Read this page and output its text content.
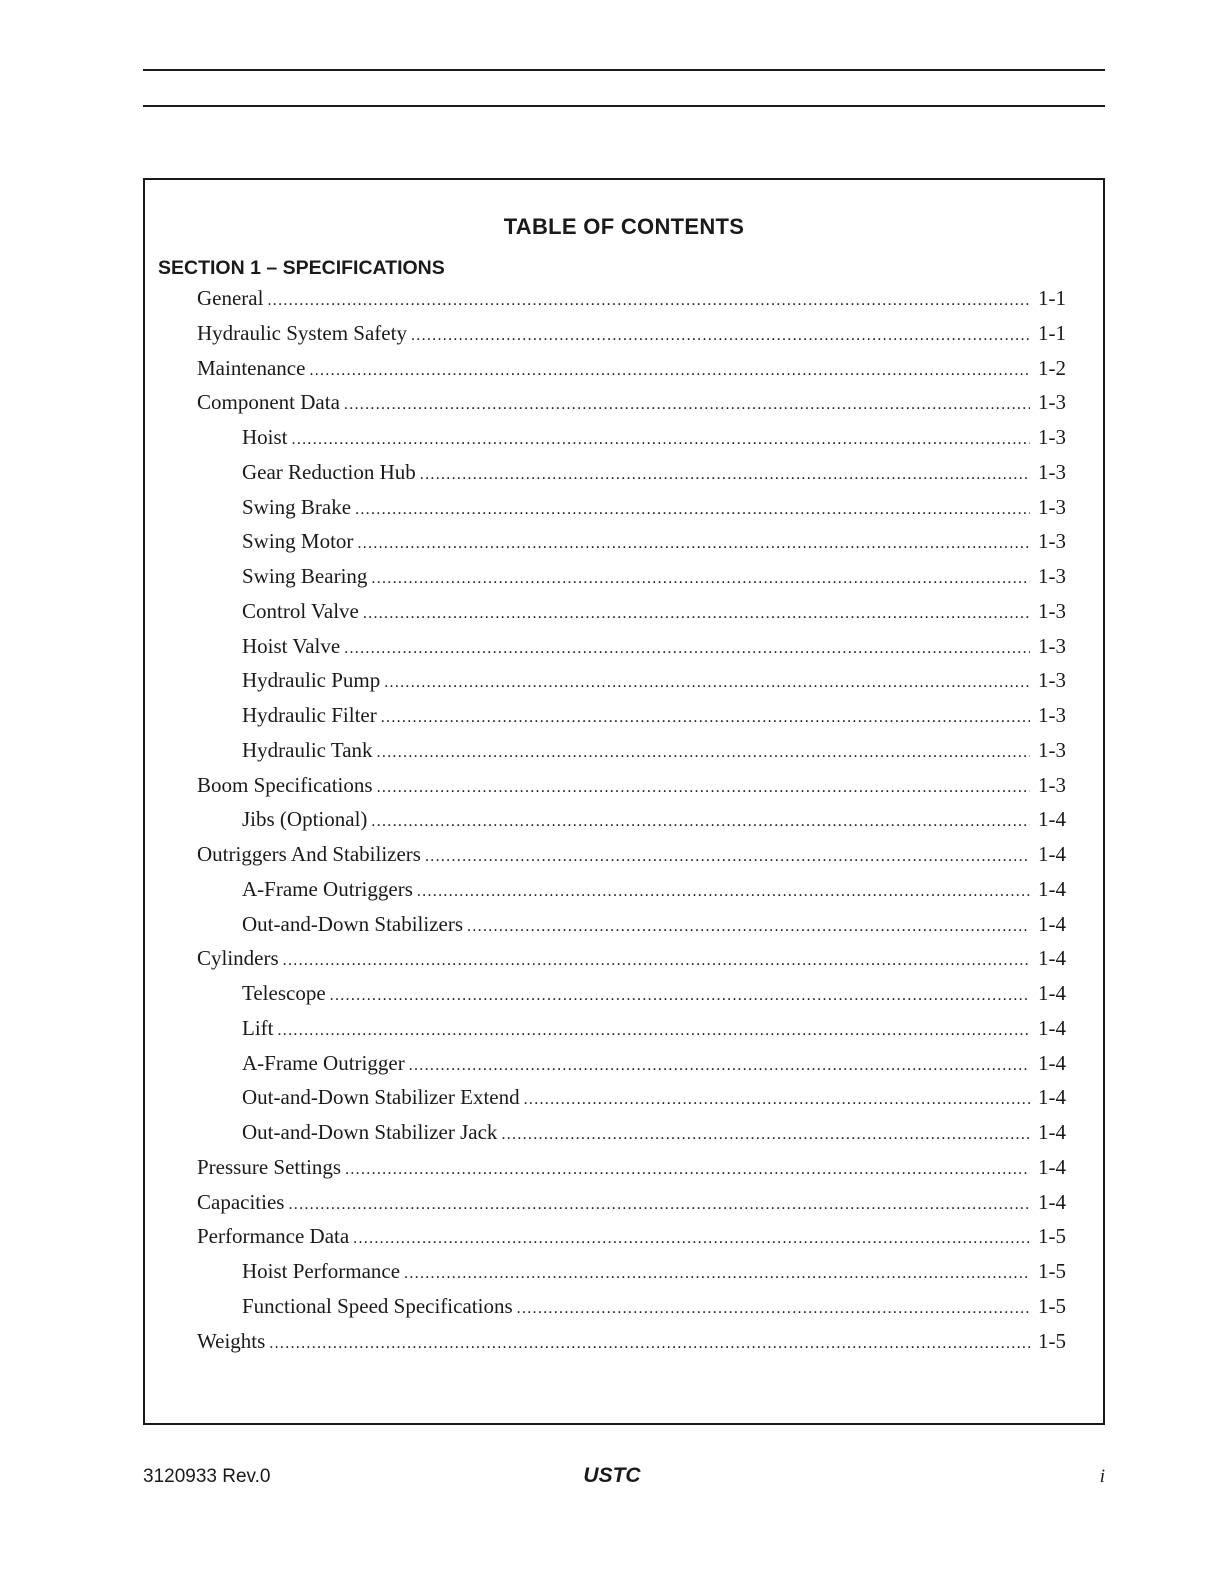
TABLE OF CONTENTS
SECTION 1 – SPECIFICATIONS
General .....	1-1
Hydraulic System Safety .....	1-1
Maintenance .....	1-2
Component Data .....	1-3
Hoist .....	1-3
Gear Reduction Hub .....	1-3
Swing Brake .....	1-3
Swing Motor .....	1-3
Swing Bearing .....	1-3
Control Valve .....	1-3
Hoist Valve .....	1-3
Hydraulic Pump .....	1-3
Hydraulic Filter .....	1-3
Hydraulic Tank .....	1-3
Boom Specifications .....	1-3
Jibs (Optional) .....	1-4
Outriggers And Stabilizers .....	1-4
A-Frame Outriggers .....	1-4
Out-and-Down Stabilizers .....	1-4
Cylinders .....	1-4
Telescope .....	1-4
Lift .....	1-4
A-Frame Outrigger .....	1-4
Out-and-Down Stabilizer Extend .....	1-4
Out-and-Down Stabilizer Jack .....	1-4
Pressure Settings .....	1-4
Capacities .....	1-4
Performance Data .....	1-5
Hoist Performance .....	1-5
Functional Speed Specifications .....	1-5
Weights .....	1-5
3120933 Rev.0	USTC	i
